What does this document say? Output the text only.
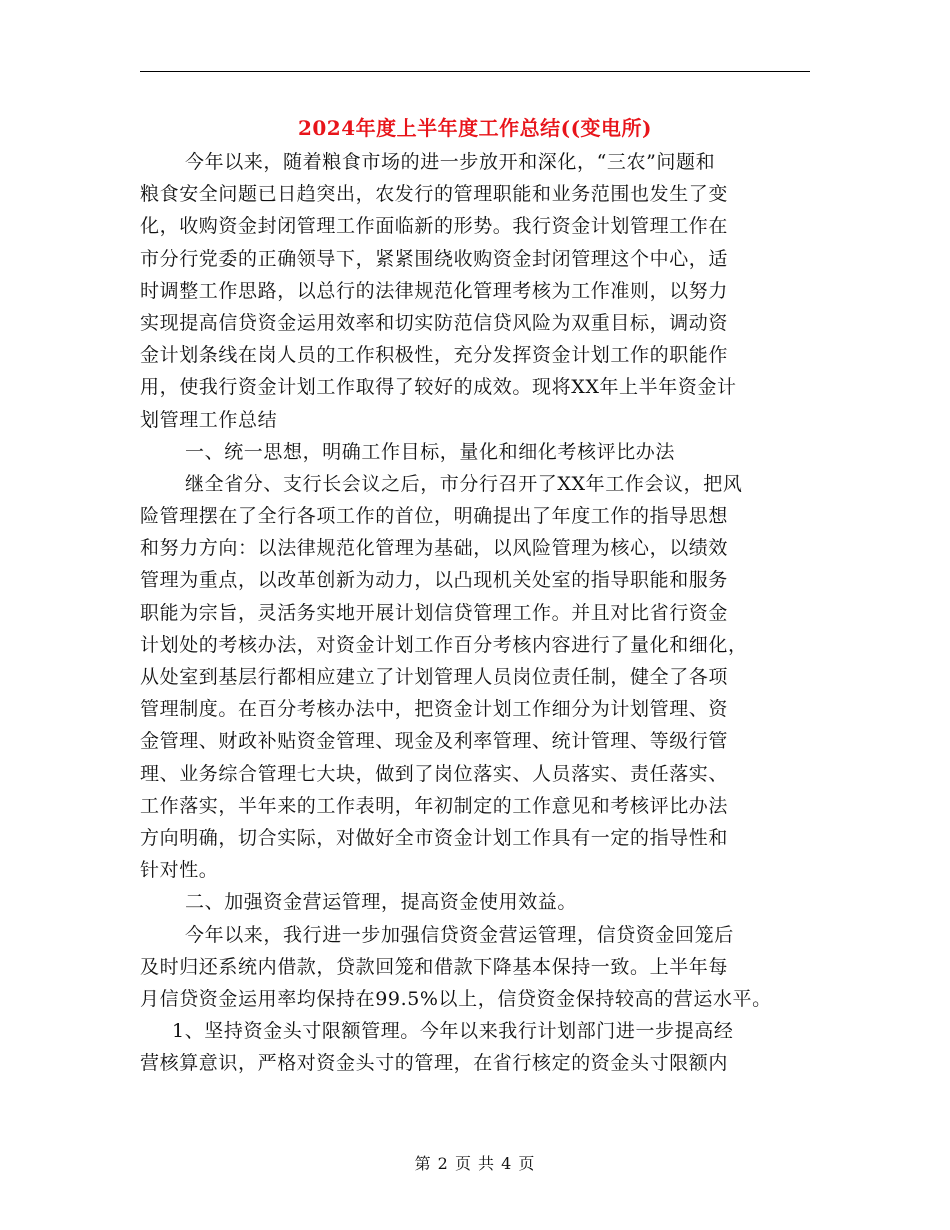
2024年度上半年度工作总结((变电所)
今年以来，随着粮食市场的进一步放开和深化，“三农”问题和
粮食安全问题已日趋突出，农发行的管理职能和业务范围也发生了变
化，收购资金封闭管理工作面临新的形势。我行资金计划管理工作在
市分行党委的正确领导下，紧紧围绕收购资金封闭管理这个中心，适
时调整工作思路，以总行的法律规范化管理考核为工作准则，以努力
实现提高信贷资金运用效率和切实防范信贷风险为双重目标，调动资
金计划条线在岗人员的工作积极性，充分发挥资金计划工作的职能作
用，使我行资金计划工作取得了较好的成效。现将XX年上半年资金计
划管理工作总结
一、统一思想，明确工作目标，量化和细化考核评比办法
继全省分、支行长会议之后，市分行召开了XX年工作会议，把风
险管理摆在了全行各项工作的首位，明确提出了年度工作的指导思想
和努力方向：以法律规范化管理为基础，以风险管理为核心，以绩效
管理为重点，以改革创新为动力，以凸现机关处室的指导职能和服务
职能为宗旨，灵活务实地开展计划信贷管理工作。并且对比省行资金
计划处的考核办法，对资金计划工作百分考核内容进行了量化和细化，
从处室到基层行都相应建立了计划管理人员岗位责任制，健全了各项
管理制度。在百分考核办法中，把资金计划工作细分为计划管理、资
金管理、财政补贴资金管理、现金及利率管理、统计管理、等级行管
理、业务综合管理七大块，做到了岗位落实、人员落实、责任落实、
工作落实，半年来的工作表明，年初制定的工作意见和考核评比办法
方向明确，切合实际，对做好全市资金计划工作具有一定的指导性和
针对性。
二、加强资金营运管理，提高资金使用效益。
今年以来，我行进一步加强信贷资金营运管理，信贷资金回笼后
及时归还系统内借款，贷款回笼和借款下降基本保持一致。上半年每
月信贷资金运用率均保持在99.5%以上，信贷资金保持较高的营运水平。
1、坚持资金头寸限额管理。今年以来我行计划部门进一步提高经
营核算意识，严格对资金头寸的管理，在省行核定的资金头寸限额内
第 2 页 共 4 页
